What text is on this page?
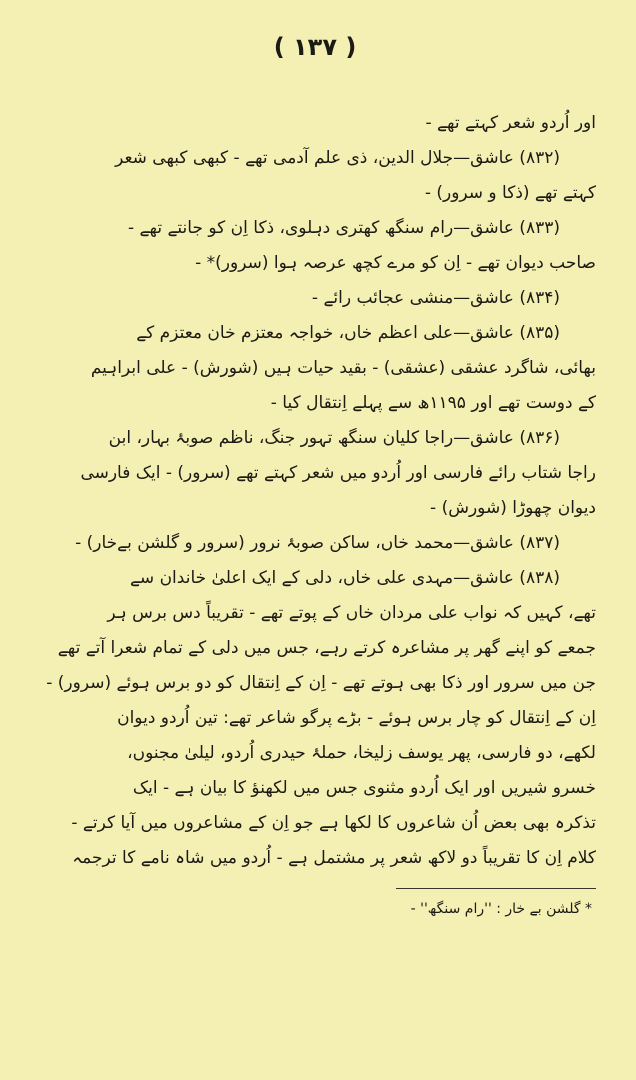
( ۱۳۷ )
اور اُردو شعر کہتے تھے -
(۸۳۲) عاشق—جلال الدین، ذی علم آدمی تھے - کبھی کبھی شعر
کہتے تھے (ذکا و سرور) -
(۸۳۳) عاشق—رام سنگھ کھتری دہلوی، ذکا اِن کو جانتے تھے -
صاحب دیوان تھے - اِن کو مرے کچھ عرصہ ہوا (سرور)* -
(۸۳۴) عاشق—منشی عجائب رائے -
(۸۳۵) عاشق—علی اعظم خاں، خواجہ معتزم خان معتزم کے
بھائی، شاگرد عشقی (عشقی) - بقید حیات ہیں (شورش) - علی ابراہیم
کے دوست تھے اور ۱۱۹۵ھ سے پہلے اِنتقال کیا -
(۸۳۶) عاشق—راجا کلیان سنگھ تہور جنگ، ناظم صوبۂ بہار، ابن
راجا شتاب رائے فارسی اور اُردو میں شعر کہتے تھے (سرور) - ایک فارسی
دیوان چھوڑا (شورش) -
(۸۳۷) عاشق—محمد خاں، ساکن صوبۂ نرور (سرور و گلشن بےخار) -
(۸۳۸) عاشق—مہدی علی خاں، دلی کے ایک اعلیٰ خاندان سے
تھے، کہیں کہ نواب علی مردان خاں کے پوتے تھے - تقریباً دس برس ہر
جمعے کو اپنے گھر پر مشاعرہ کرتے رہے، جس میں دلی کے تمام شعرا آتے تھے
جن میں سرور اور ذکا بھی ہوتے تھے - اِن کے اِنتقال کو دو برس ہوئے (سرور) -
اِن کے اِنتقال کو چار برس ہوئے - بڑے پرگو شاعر تھے: تین اُردو دیوان
لکھے، دو فارسی، پھر یوسف زلیخا، حملۂ حیدری اُردو، لیلیٰ مجنوں،
خسرو شیریں اور ایک اُردو مثنوی جس میں لکھنؤ کا بیان ہے - ایک
تذکرہ بھی بعض اُن شاعروں کا لکھا ہے جو اِن کے مشاعروں میں آیا کرتے -
کلام اِن کا تقریباً دو لاکھ شعر پر مشتمل ہے - اُردو میں شاہ نامے کا ترجمہ
* گلشن بے خار : ''رام سنگھ'' -
